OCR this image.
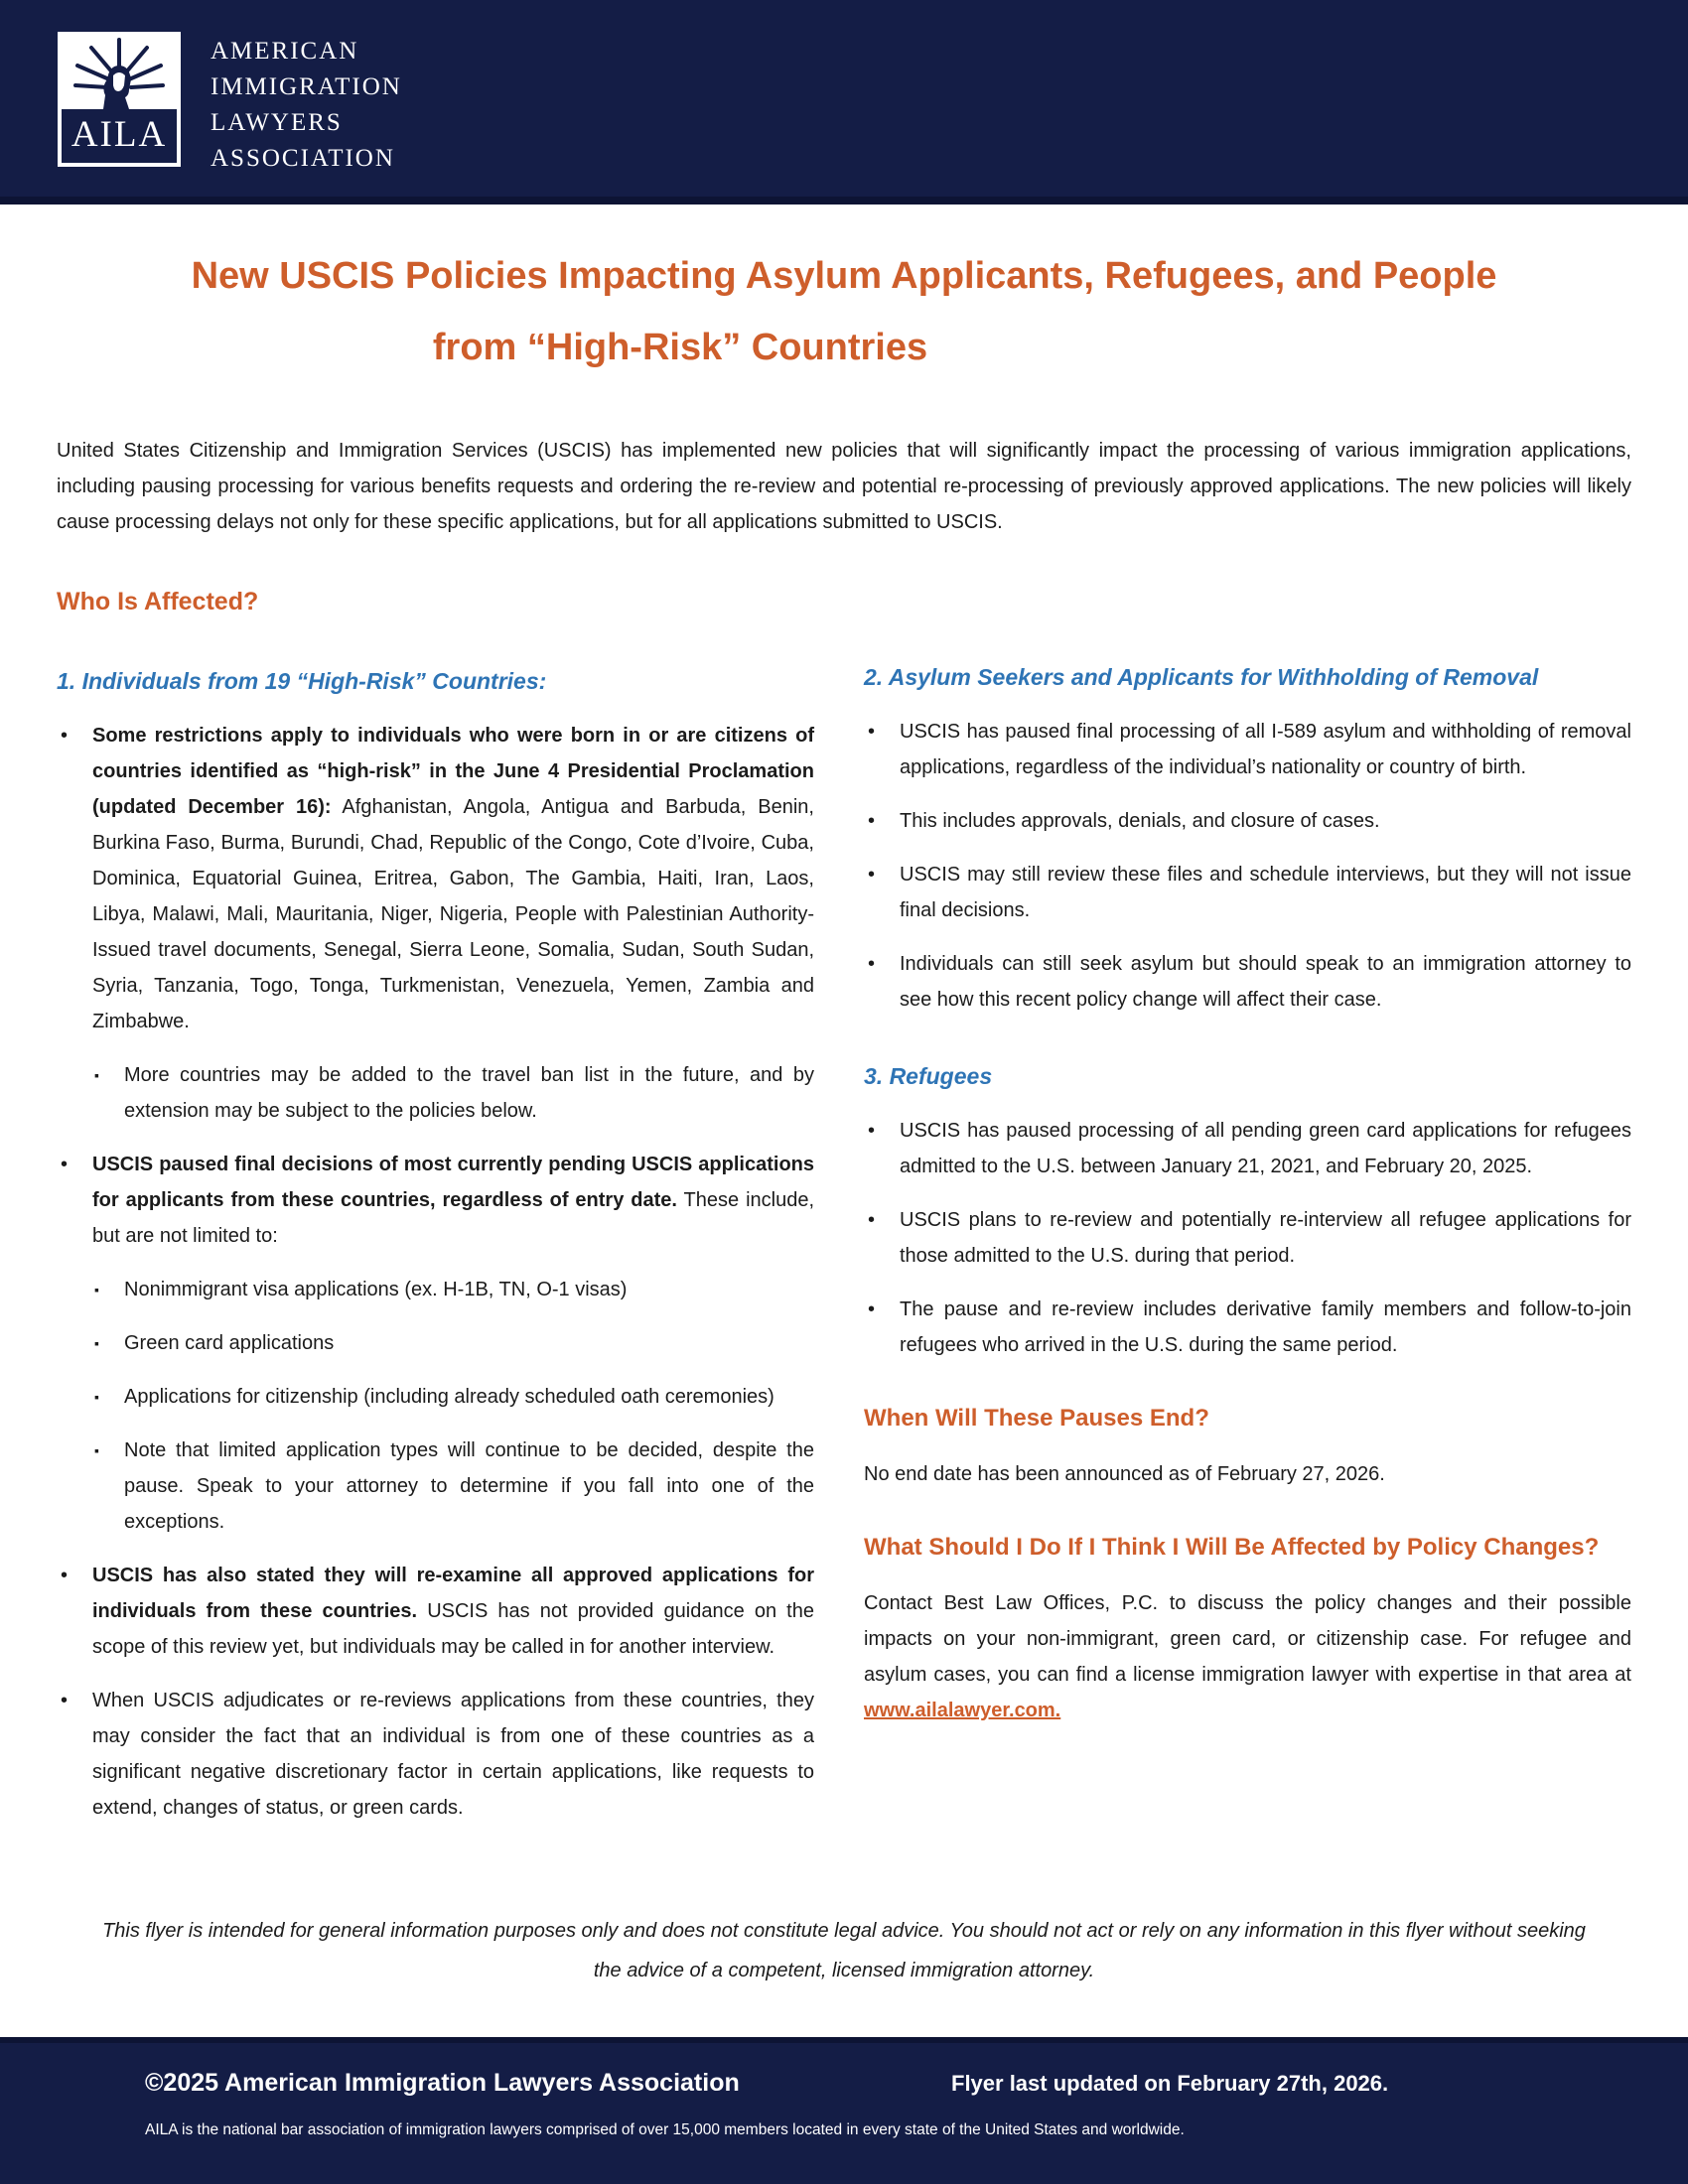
AILA
AMERICAN
IMMIGRATION
LAWYERS
ASSOCIATION
New USCIS Policies Impacting Asylum Applicants, Refugees, and People
from “High-Risk” Countries

United States Citizenship and Immigration Services (USCIS) has implemented new policies that will significantly impact the processing of various immigration applications, including pausing processing for various benefits requests and ordering the re-review and potential re-processing of previously approved applications. The new policies will likely cause processing delays not only for these specific applications, but for all applications submitted to USCIS.

Who Is Affected?
1. Individuals from 19 “High-Risk” Countries:
•
Some restrictions apply to individuals who were born in or are citizens of countries identified as “high-risk” in the June 4 Presidential Proclamation (updated December 16): Afghanistan, Angola, Antigua and Barbuda, Benin, Burkina Faso, Burma, Burundi, Chad, Republic of the Congo, Cote d’Ivoire, Cuba, Dominica, Equatorial Guinea, Eritrea, Gabon, The Gambia, Haiti, Iran, Laos, Libya, Malawi, Mali, Mauritania, Niger, Nigeria, People with Palestinian Authority-Issued travel documents, Senegal, Sierra Leone, Somalia, Sudan, South Sudan, Syria, Tanzania, Togo, Tonga, Turkmenistan, Venezuela, Yemen, Zambia and Zimbabwe.
▪
More countries may be added to the travel ban list in the future, and by extension may be subject to the policies below.
•
USCIS paused final decisions of most currently pending USCIS applications for applicants from these countries, regardless of entry date. These include, but are not limited to:
▪
Nonimmigrant visa applications (ex. H-1B, TN, O-1 visas)
▪
Green card applications
▪
Applications for citizenship (including already scheduled oath ceremonies)
▪
Note that limited application types will continue to be decided, despite the pause. Speak to your attorney to determine if you fall into one of the exceptions.
•
USCIS has also stated they will re-examine all approved applications for individuals from these countries. USCIS has not provided guidance on the scope of this review yet, but individuals may be called in for another interview.
•
When USCIS adjudicates or re-reviews applications from these countries, they may consider the fact that an individual is from one of these countries as a significant negative discretionary factor in certain applications, like requests to extend, changes of status, or green cards.
2. Asylum Seekers and Applicants for Withholding of Removal
•
USCIS has paused final processing of all I-589 asylum and withholding of removal applications, regardless of the individual’s nationality or country of birth.
•
This includes approvals, denials, and closure of cases.
•
USCIS may still review these files and schedule interviews, but they will not issue final decisions.
•
Individuals can still seek asylum but should speak to an immigration attorney to see how this recent policy change will affect their case.
3. Refugees
•
USCIS has paused processing of all pending green card applications for refugees admitted to the U.S. between January 21, 2021, and February 20, 2025.
•
USCIS plans to re-review and potentially re-interview all refugee applications for those admitted to the U.S. during that period.
•
The pause and re-review includes derivative family members and follow-to-join refugees who arrived in the U.S. during the same period.
When Will These Pauses End?

No end date has been announced as of February 27, 2026.

What Should I Do If I Think I Will Be Affected by Policy Changes?

Contact Best Law Offices, P.C. to discuss the policy changes and their possible impacts on your non-immigrant, green card, or citizenship case. For refugee and asylum cases, you can find a license immigration lawyer with expertise in that area at www.ailalawyer.com.

This flyer is intended for general information purposes only and does not constitute legal advice. You should not act or rely on any information in this flyer without seeking the advice of a competent, licensed immigration attorney.

©2025 American Immigration Lawyers Association	Flyer last updated on February 27th, 2026.
AILA is the national bar association of immigration lawyers comprised of over 15,000 members located in every state of the United States and worldwide.
